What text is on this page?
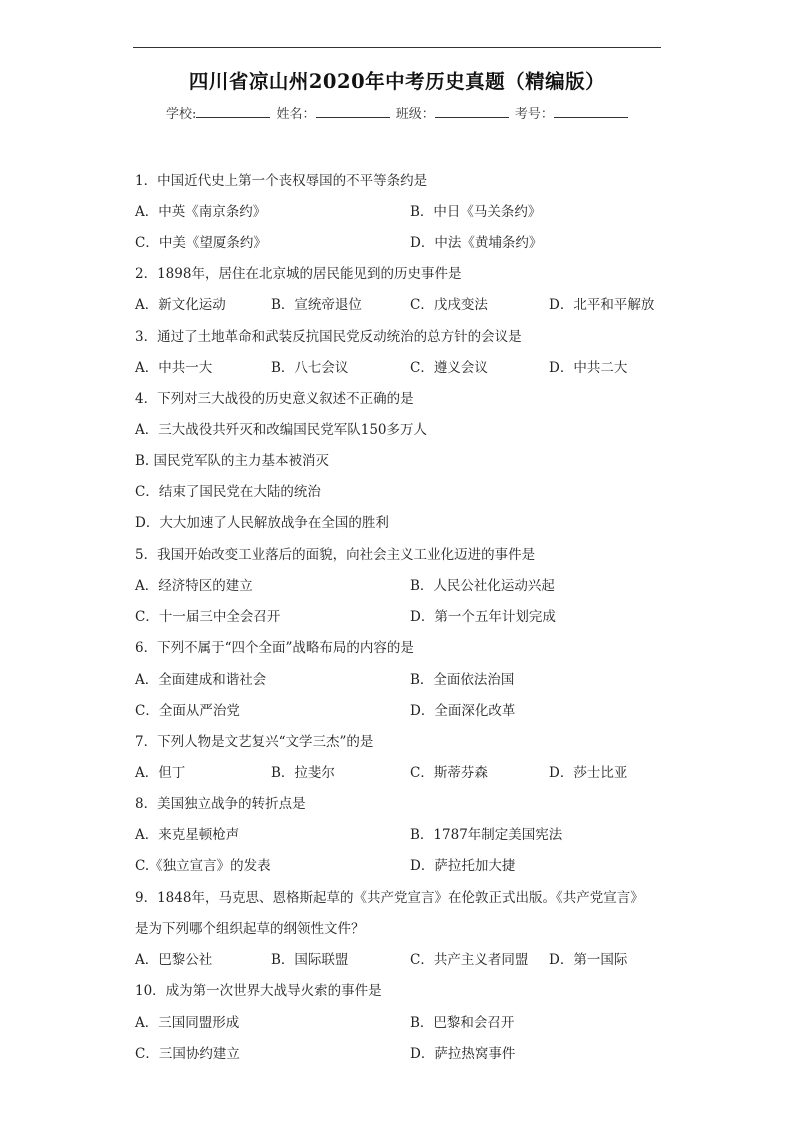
四川省凉山州2020年中考历史真题（精编版）
学校:	姓名：	班级：	考号：
1．中国近代史上第一个丧权辱国的不平等条约是
A．中英《南京条约》	B．中日《马关条约》
C．中美《望厦条约》	D．中法《黄埔条约》
2．1898年，居住在北京城的居民能见到的历史事件是
A．新文化运动	B．宣统帝退位	C．戊戌变法	D．北平和平解放
3．通过了土地革命和武装反抗国民党反动统治的总方针的会议是
A．中共一大	B．八七会议	C．遵义会议	D．中共二大
4．下列对三大战役的历史意义叙述不正确的是
A．三大战役共歼灭和改编国民党军队150多万人
B. 国民党军队的主力基本被消灭
C．结束了国民党在大陆的统治
D．大大加速了人民解放战争在全国的胜利
5．我国开始改变工业落后的面貌，向社会主义工业化迈进的事件是
A．经济特区的建立	B．人民公社化运动兴起
C．十一届三中全会召开	D．第一个五年计划完成
6．下列不属于“四个全面”战略布局的内容的是
A．全面建成和谐社会	B．全面依法治国
C．全面从严治党	D．全面深化改革
7．下列人物是文艺复兴“文学三杰”的是
A．但丁	B．拉斐尔	C．斯蒂芬森	D．莎士比亚
8．美国独立战争的转折点是
A．来克星顿枪声	B．1787年制定美国宪法
C.《独立宣言》的发表	D．萨拉托加大捷
9．1848年，马克思、恩格斯起草的《共产党宣言》在伦敦正式出版。《共产党宣言》
是为下列哪个组织起草的纲领性文件？
A．巴黎公社	B．国际联盟	C．共产主义者同盟 D．第一国际
10．成为第一次世界大战导火索的事件是
A．三国同盟形成	B．巴黎和会召开
C．三国协约建立	D．萨拉热窝事件
